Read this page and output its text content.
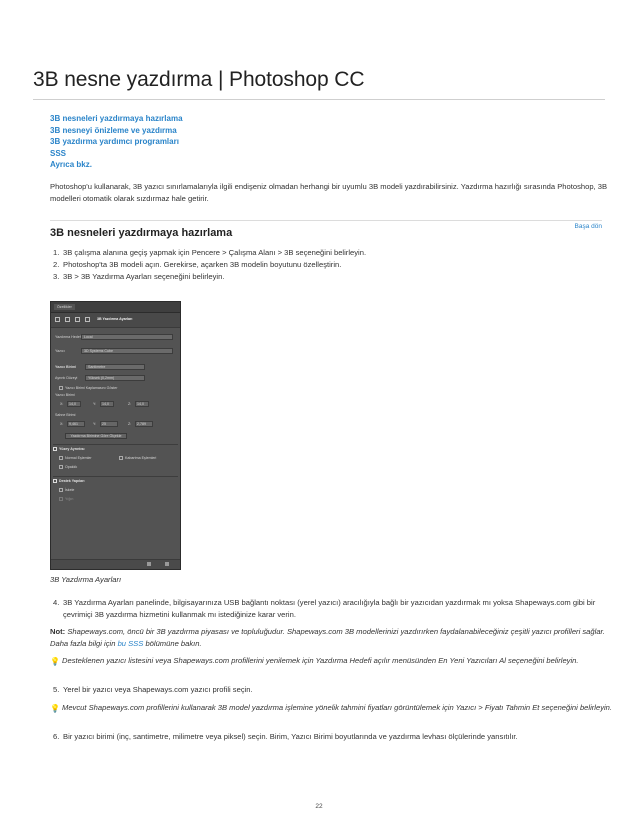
3B nesne yazdırma | Photoshop CC
3B nesneleri yazdırmaya hazırlama
3B nesneyi önizleme ve yazdırma
3B yazdırma yardımcı programları
SSS
Ayrıca bkz.

Photoshop'u kullanarak, 3B yazıcı sınırlamalarıyla ilgili endişeniz olmadan herhangi bir uyumlu 3B modeli yazdırabilirsiniz. Yazdırma hazırlığı sırasında Photoshop, 3B modelleri otomatik olarak sızdırmaz hale getirir.

Başa dön
3B nesneleri yazdırmaya hazırlama
1. 3B çalışma alanına geçiş yapmak için Pencere > Çalışma Alanı > 3B seçeneğini belirleyin.
2. Photoshop'ta 3B modeli açın. Gerekirse, açarken 3B modelin boyutunu özelleştirin.
3. 3B > 3B Yazdırma Ayarları seçeneğini belirleyin.
Özellikler
3B Yazdırma Ayarları
Yazdırma Hedefi Local
Yazıcı	3D Systems Cube
Yazıcı Birimi	Santimetre
Ayrıntı Düzeyi	Yüksek (0,2mm)
Yazıcı Birimi Kaplamasını Göster
Yazıcı Birimi
X:	14,0	Y:	14,0	Z:	14,0
Sahne Birimi
X:	9,461	Y:	25	Z:	2,789
Yazdırma Birimine Göre Ölçekle
Yüzey Ayrıntısı
Normal Eşlemler	Kabartma Eşlemleri
Opaklık
Destek Yapıları
İskele
Yığın

3B Yazdırma Ayarları

4. 3B Yazdırma Ayarları panelinde, bilgisayarınıza USB bağlantı noktası (yerel yazıcı) aracılığıyla bağlı bir yazıcıdan yazdırmak mı yoksa Shapeways.com gibi bir çevrimiçi 3B yazdırma hizmetini kullanmak mı istediğinize karar verin.

Not: Shapeways.com, öncü bir 3B yazdırma piyasası ve topluluğudur. Shapeways.com 3B modellerinizi yazdırırken faydalanabileceğiniz çeşitli yazıcı profilleri sağlar. Daha fazla bilgi için bu SSS bölümüne bakın.

💡 Desteklenen yazıcı listesini veya Shapeways.com profillerini yenilemek için Yazdırma Hedefi açılır menüsünden En Yeni Yazıcıları Al seçeneğini belirleyin.

5. Yerel bir yazıcı veya Shapeways.com yazıcı profili seçin.

💡 Mevcut Shapeways.com profillerini kullanarak 3B model yazdırma işlemine yönelik tahmini fiyatları görüntülemek için Yazıcı > Fiyatı Tahmin Et seçeneğini belirleyin.

6. Bir yazıcı birimi (inç, santimetre, milimetre veya piksel) seçin. Birim, Yazıcı Birimi boyutlarında ve yazdırma levhası ölçülerinde yansıtılır.
22
